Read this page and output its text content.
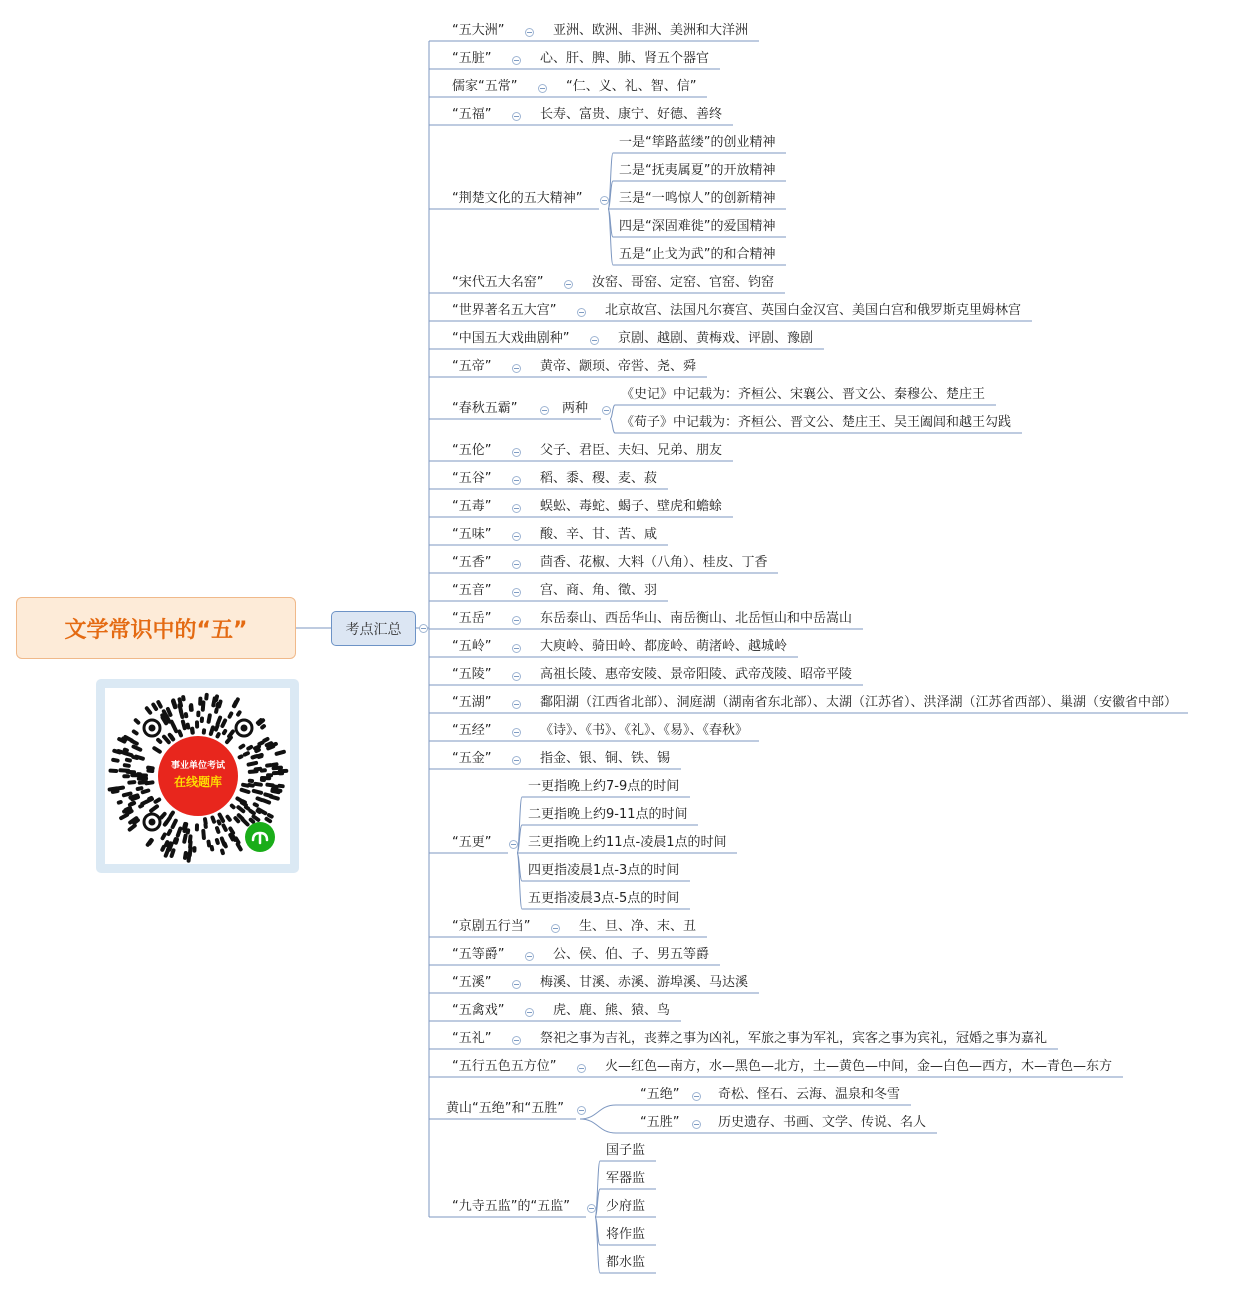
文学常识中的“五”	考点汇总
事业单位考试
在线题库
“五大洲”	亚洲、欧洲、非洲、美洲和大洋洲
“五脏”	心、肝、脾、肺、肾五个器官
儒家“五常”	“仁、义、礼、智、信”
“五福”	长寿、富贵、康宁、好德、善终
“荆楚文化的五大精神”
一是“筚路蓝缕”的创业精神
二是“抚夷属夏”的开放精神
三是“一鸣惊人”的创新精神
四是“深固难徙”的爱国精神
五是“止戈为武”的和合精神
“宋代五大名窑”	汝窑、哥窑、定窑、官窑、钧窑
“世界著名五大宫”	北京故宫、法国凡尔赛宫、英国白金汉宫、美国白宫和俄罗斯克里姆林宫
“中国五大戏曲剧种”	京剧、越剧、黄梅戏、评剧、豫剧
“五帝”	黄帝、颛顼、帝喾、尧、舜
“春秋五霸”	两种
《史记》中记载为：齐桓公、宋襄公、晋文公、秦穆公、楚庄王
《荀子》中记载为：齐桓公、晋文公、楚庄王、吴王阖闾和越王勾践
“五伦”	父子、君臣、夫妇、兄弟、朋友
“五谷”	稻、黍、稷、麦、菽
“五毒”	蜈蚣、毒蛇、蝎子、壁虎和蟾蜍
“五味”	酸、辛、甘、苦、咸
“五香”	茴香、花椒、大料（八角）、桂皮、丁香
“五音”	宫、商、角、徵、羽
“五岳”	东岳泰山、西岳华山、南岳衡山、北岳恒山和中岳嵩山
“五岭”	大庾岭、骑田岭、都庞岭、萌渚岭、越城岭
“五陵”	高祖长陵、惠帝安陵、景帝阳陵、武帝茂陵、昭帝平陵
“五湖”	鄱阳湖（江西省北部）、洞庭湖（湖南省东北部）、太湖（江苏省）、洪泽湖（江苏省西部）、巢湖（安徽省中部）
“五经”	《诗》、《书》、《礼》、《易》、《春秋》
“五金”	指金、银、铜、铁、锡
“五更”
一更指晚上约7-9点的时间
二更指晚上约9-11点的时间
三更指晚上约11点-凌晨1点的时间
四更指凌晨1点-3点的时间
五更指凌晨3点-5点的时间
“京剧五行当”	生、旦、净、末、丑
“五等爵”	公、侯、伯、子、男五等爵
“五溪”	梅溪、甘溪、赤溪、游埠溪、马达溪
“五禽戏”	虎、鹿、熊、猿、鸟
“五礼”	祭祀之事为吉礼，丧葬之事为凶礼，军旅之事为军礼，宾客之事为宾礼，冠婚之事为嘉礼
“五行五色五方位”	火—红色—南方，水—黑色—北方，土—黄色—中间，金—白色—西方，木—青色—东方
黄山“五绝”和“五胜”
“五绝”	奇松、怪石、云海、温泉和冬雪
“五胜”	历史遗存、书画、文学、传说、名人
“九寺五监”的“五监”
国子监
军器监
少府监
将作监
都水监
